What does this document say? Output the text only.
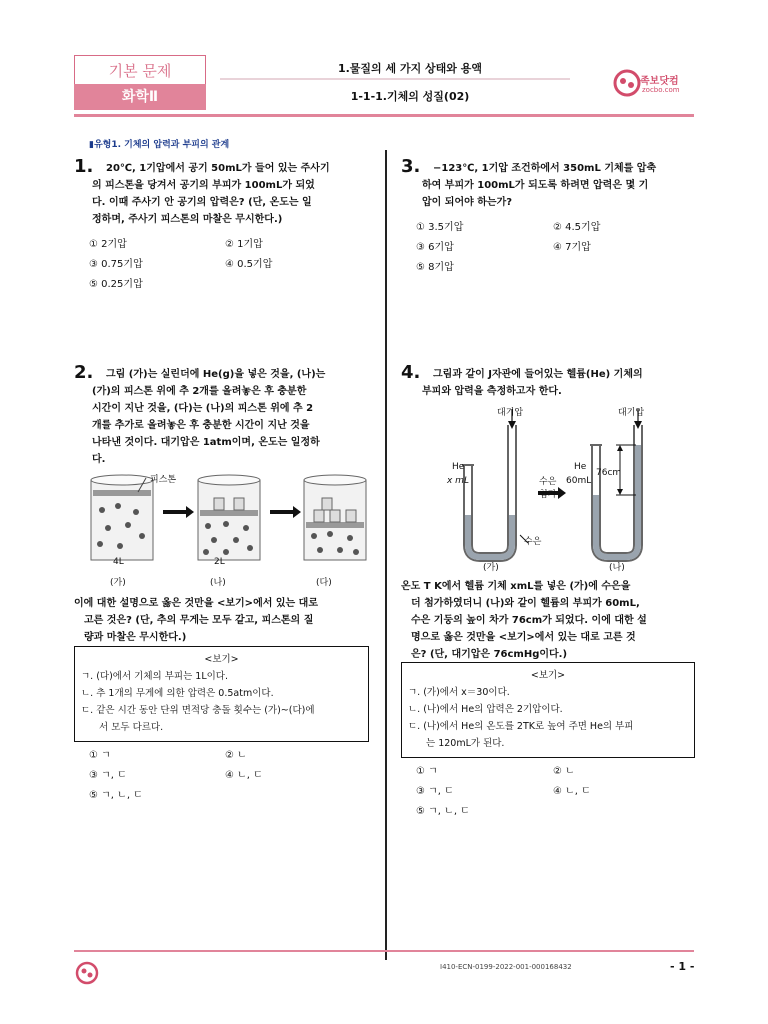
기본 문제
화학Ⅱ
1.물질의 세 가지 상태와 용액
1-1-1.기체의 성질(02)
족보닷컴
zocbo.com
▮유형1. 기체의 압력과 부피의 관계
1. 20℃, 1기압에서 공기 50mL가 들어 있는 주사기
의 피스톤을 당겨서 공기의 부피가 100mL가 되었
다. 이때 주사기 안 공기의 압력은? (단, 온도는 일
정하며, 주사기 피스톤의 마찰은 무시한다.)
① 2기압	② 1기압
③ 0.75기압	④ 0.5기압
⑤ 0.25기압
2. 그림 (가)는 실린더에 He(g)을 넣은 것을, (나)는
(가)의 피스톤 위에 추 2개를 올려놓은 후 충분한
시간이 지난 것을, (다)는 (나)의 피스톤 위에 추 2
개를 추가로 올려놓은 후 충분한 시간이 지난 것을
나타낸 것이다. 대기압은 1atm이며, 온도는 일정하
다.
피스톤
4L	2L
(가)	(나)	(다)
이에 대한 설명으로 옳은 것만을 <보기>에서 있는 대로
고른 것은? (단, 추의 무게는 모두 같고, 피스톤의 질
량과 마찰은 무시한다.)
<보기>
ㄱ. (다)에서 기체의 부피는 1L이다.
ㄴ. 추 1개의 무게에 의한 압력은 0.5atm이다.
ㄷ. 같은 시간 동안 단위 면적당 충돌 횟수는 (가)~(다)에
서 모두 다르다.
① ㄱ	② ㄴ
③ ㄱ, ㄷ	④ ㄴ, ㄷ
⑤ ㄱ, ㄴ, ㄷ
3. −123℃, 1기압 조건하에서 350mL 기체를 압축
하여 부피가 100mL가 되도록 하려면 압력은 몇 기
압이 되어야 하는가?
① 3.5기압	② 4.5기압
③ 6기압	④ 7기압
⑤ 8기압
4. 그림과 같이 J자관에 들어있는 헬륨(He) 기체의
부피와 압력을 측정하고자 한다.
대기압	대기압
He
x mL	수은
첨가
He
60mL
76cm
수은
(가)	(나)
온도 T K에서 헬륨 기체 xmL를 넣은 (가)에 수은을
더 첨가하였더니 (나)와 같이 헬륨의 부피가 60mL,
수은 기둥의 높이 차가 76cm가 되었다. 이에 대한 설
명으로 옳은 것만을 <보기>에서 있는 대로 고른 것
은? (단, 대기압은 76cmHg이다.)
<보기>
ㄱ. (가)에서 x＝30이다.
ㄴ. (나)에서 He의 압력은 2기압이다.
ㄷ. (나)에서 He의 온도를 2TK로 높여 주면 He의 부피
는 120mL가 된다.
① ㄱ	② ㄴ
③ ㄱ, ㄷ	④ ㄴ, ㄷ
⑤ ㄱ, ㄴ, ㄷ
I410-ECN-0199-2022-001-000168432	- 1 -
